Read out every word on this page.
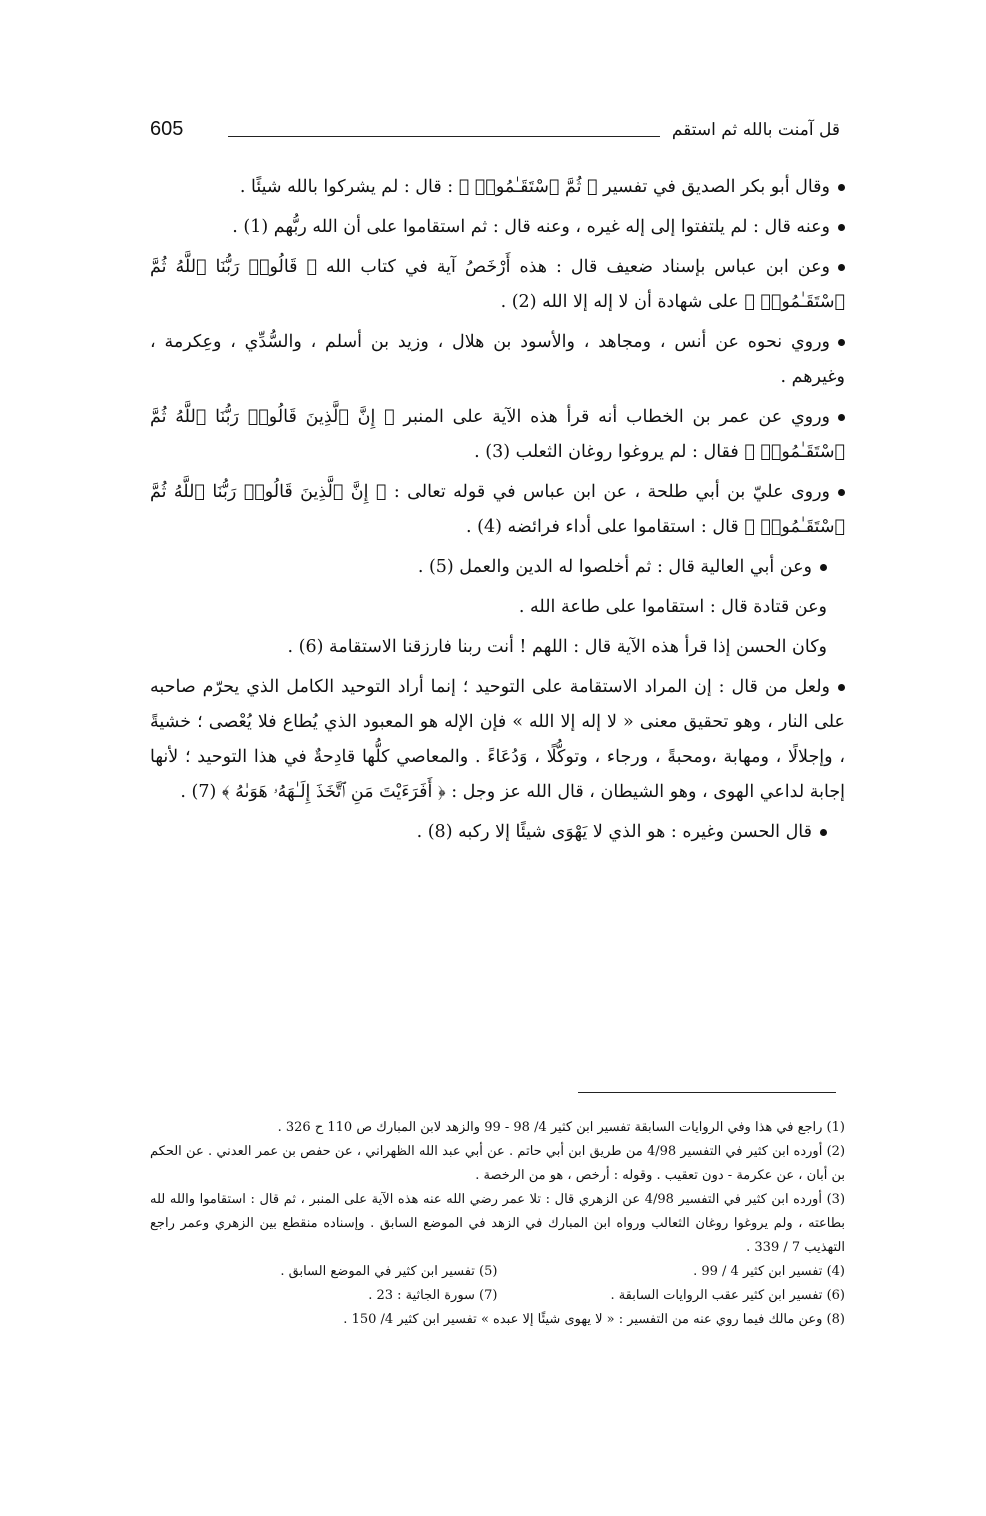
قل آمنت بالله ثم استقم
605

وقال أبو بكر الصديق في تفسير ﴿ ثُمَّ ٱسْتَقَـٰمُوا۟ ﴾ : قال : لم يشركوا بالله شيئًا .

وعنه قال : لم يلتفتوا إلى إله غيره ، وعنه قال : ثم استقاموا على أن الله ربُّهم (1) .

وعن ابن عباس بإسناد ضعيف قال : هذه أَرْخَصُ آية في كتاب الله ﴿ قَالُوا۟ رَبُّنَا ٱللَّهُ ثُمَّ ٱسْتَقَـٰمُوا۟ ﴾ على شهادة أن لا إله إلا الله (2) .

وروي نحوه عن أنس ، ومجاهد ، والأسود بن هلال ، وزيد بن أسلم ، والسُّدِّي ، وعِكرمة ، وغيرهم .

وروي عن عمر بن الخطاب أنه قرأ هذه الآية على المنبر ﴿ إِنَّ ٱلَّذِينَ قَالُوا۟ رَبُّنَا ٱللَّهُ ثُمَّ ٱسْتَقَـٰمُوا۟ ﴾ فقال : لم يروغوا روغان الثعلب (3) .

وروى عليّ بن أبي طلحة ، عن ابن عباس في قوله تعالى : ﴿ إِنَّ ٱلَّذِينَ قَالُوا۟ رَبُّنَا ٱللَّهُ ثُمَّ ٱسْتَقَـٰمُوا۟ ﴾ قال : استقاموا على أداء فرائضه (4) .

وعن أبي العالية قال : ثم أخلصوا له الدين والعمل (5) .

وعن قتادة قال : استقاموا على طاعة الله .

وكان الحسن إذا قرأ هذه الآية قال : اللهم ! أنت ربنا فارزقنا الاستقامة (6) .

ولعل من قال : إن المراد الاستقامة على التوحيد ؛ إنما أراد التوحيد الكامل الذي يحرّم صاحبه على النار ، وهو تحقيق معنى « لا إله إلا الله » فإن الإله هو المعبود الذي يُطاع فلا يُعْصى ؛ خشيةً ، وإجلالًا ، ومهابة ،ومحبةً ، ورجاء ، وتوكُّلًا ، وَدُعَاءً . والمعاصي كلُّها قادِحةٌ في هذا التوحيد ؛ لأنها إجابة لداعي الهوى ، وهو الشيطان ، قال الله عز وجل : ﴿ أَفَرَءَيْتَ مَنِ ٱتَّخَذَ إِلَـٰهَهُۥ هَوَىٰهُ ﴾ (7) .

قال الحسن وغيره : هو الذي لا يَهْوَى شيئًا إلا ركبه (8) .

(1) راجع في هذا وفي الروايات السابقة تفسير ابن كثير 4/ 98 - 99 والزهد لابن المبارك ص 110 ح 326 .

(2) أورده ابن كثير في التفسير 4/98 من طريق ابن أبي حاتم . عن أبي عبد الله الظهراني ، عن حفص بن عمر العدني . عن الحكم بن أبان ، عن عكرمة - دون تعقيب . وقوله : أرخص ، هو من الرخصة .

(3) أورده ابن كثير في التفسير 4/98 عن الزهري قال : تلا عمر رضي الله عنه هذه الآية على المنبر ، ثم قال : استقاموا والله لله بطاعته ، ولم يروغوا روغان الثعالب ورواه ابن المبارك في الزهد في الموضع السابق . وإسناده منقطع بين الزهري وعمر راجع التهذيب 7 / 339 .

(4) تفسير ابن كثير 4 / 99 .
(5) تفسير ابن كثير في الموضع السابق .
(6) تفسير ابن كثير عقب الروايات السابقة .
(7) سورة الجاثية : 23 .

(8) وعن مالك فيما روي عنه من التفسير : « لا يهوى شيئًا إلا عبده » تفسير ابن كثير 4/ 150 .
